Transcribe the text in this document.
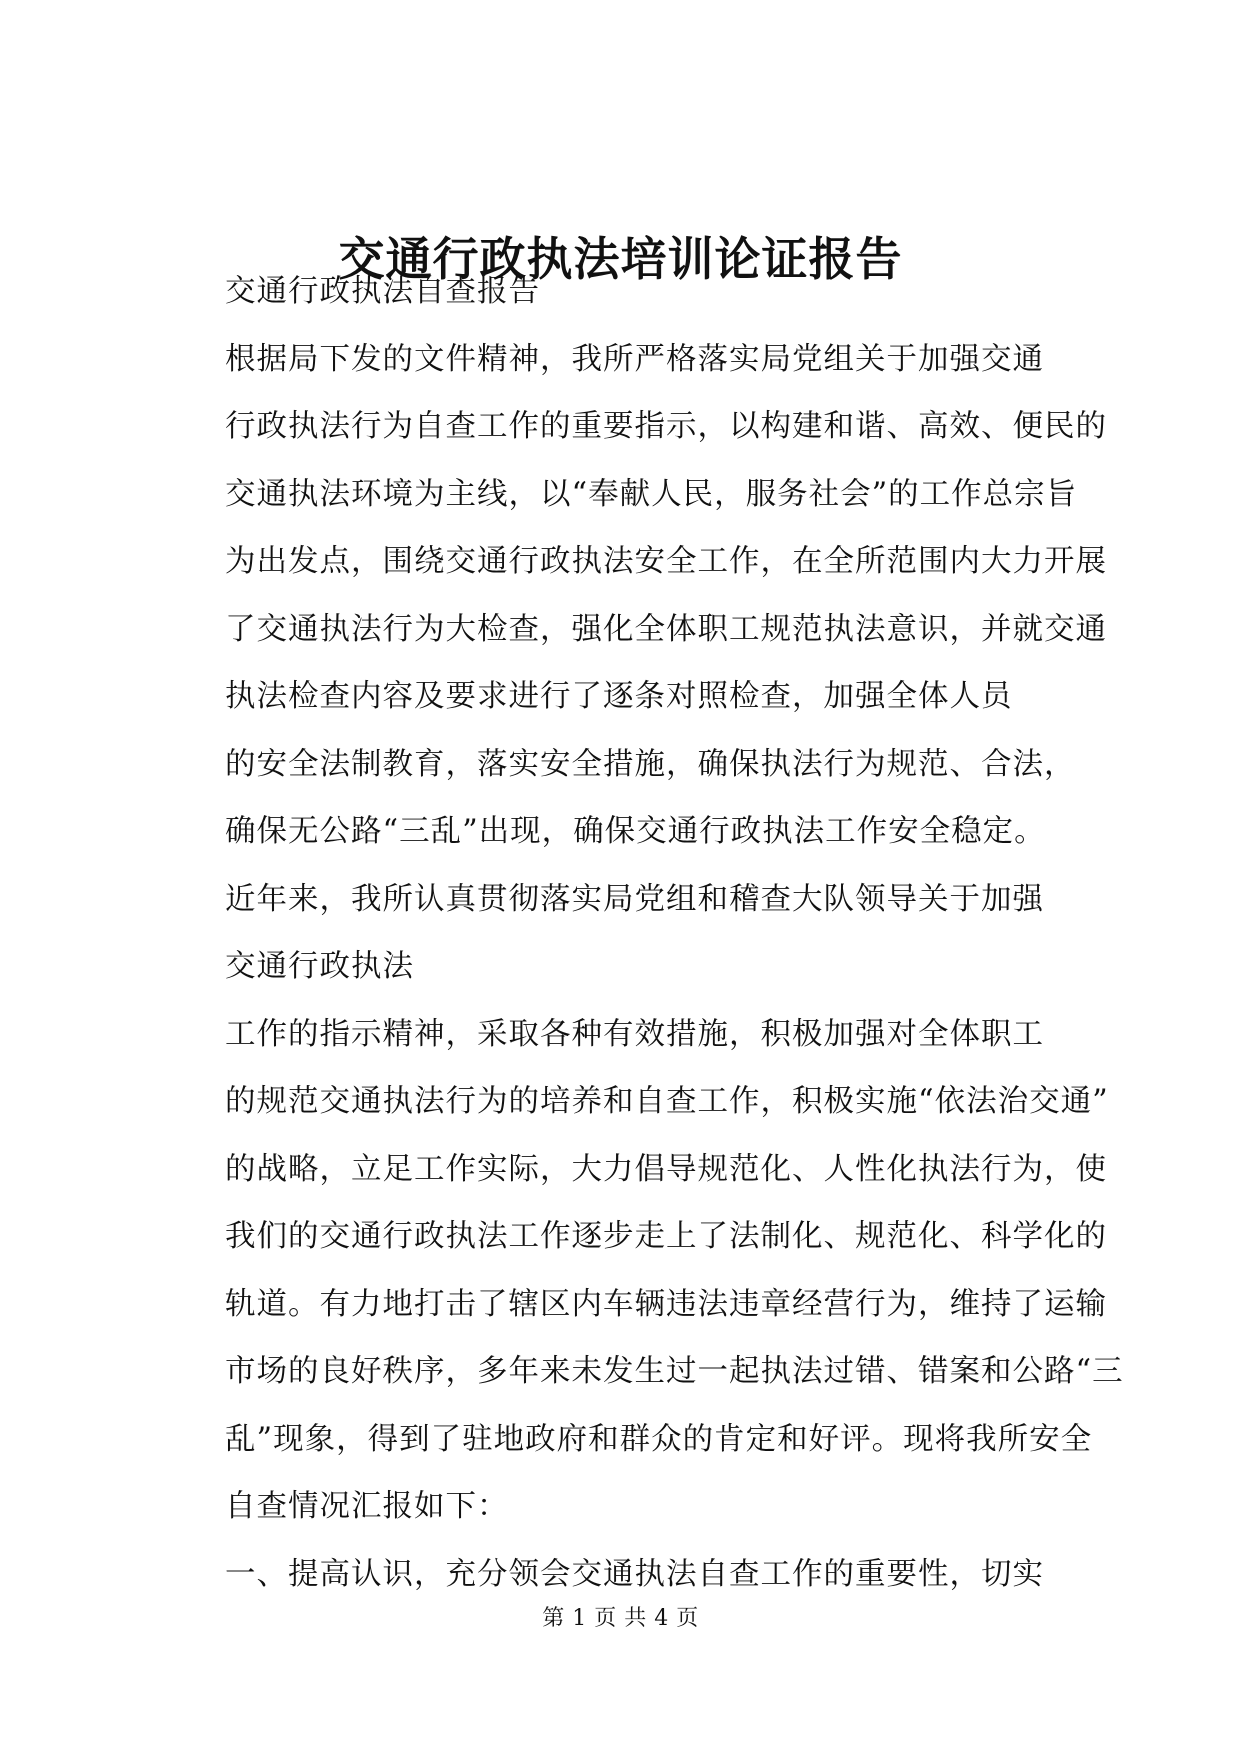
交通行政执法培训论证报告

交通行政执法自查报告

根据局下发的文件精神，我所严格落实局党组关于加强交通
行政执法行为自查工作的重要指示，以构建和谐、高效、便民的
交通执法环境为主线，以“奉献人民，服务社会”的工作总宗旨
为出发点，围绕交通行政执法安全工作，在全所范围内大力开展
了交通执法行为大检查，强化全体职工规范执法意识，并就交通
执法检查内容及要求进行了逐条对照检查，加强全体人员

的安全法制教育，落实安全措施，确保执法行为规范、合法，
确保无公路“三乱”出现，确保交通行政执法工作安全稳定。

近年来，我所认真贯彻落实局党组和稽查大队领导关于加强
交通行政执法

工作的指示精神，采取各种有效措施，积极加强对全体职工
的规范交通执法行为的培养和自查工作，积极实施“依法治交通”
的战略，立足工作实际，大力倡导规范化、人性化执法行为，使
我们的交通行政执法工作逐步走上了法制化、规范化、科学化的
轨道。有力地打击了辖区内车辆违法违章经营行为，维持了运输
市场的良好秩序，多年来未发生过一起执法过错、错案和公路“三
乱”现象，得到了驻地政府和群众的肯定和好评。现将我所安全
自查情况汇报如下：

一、提高认识，充分领会交通执法自查工作的重要性，切实

第 1 页 共 4 页
